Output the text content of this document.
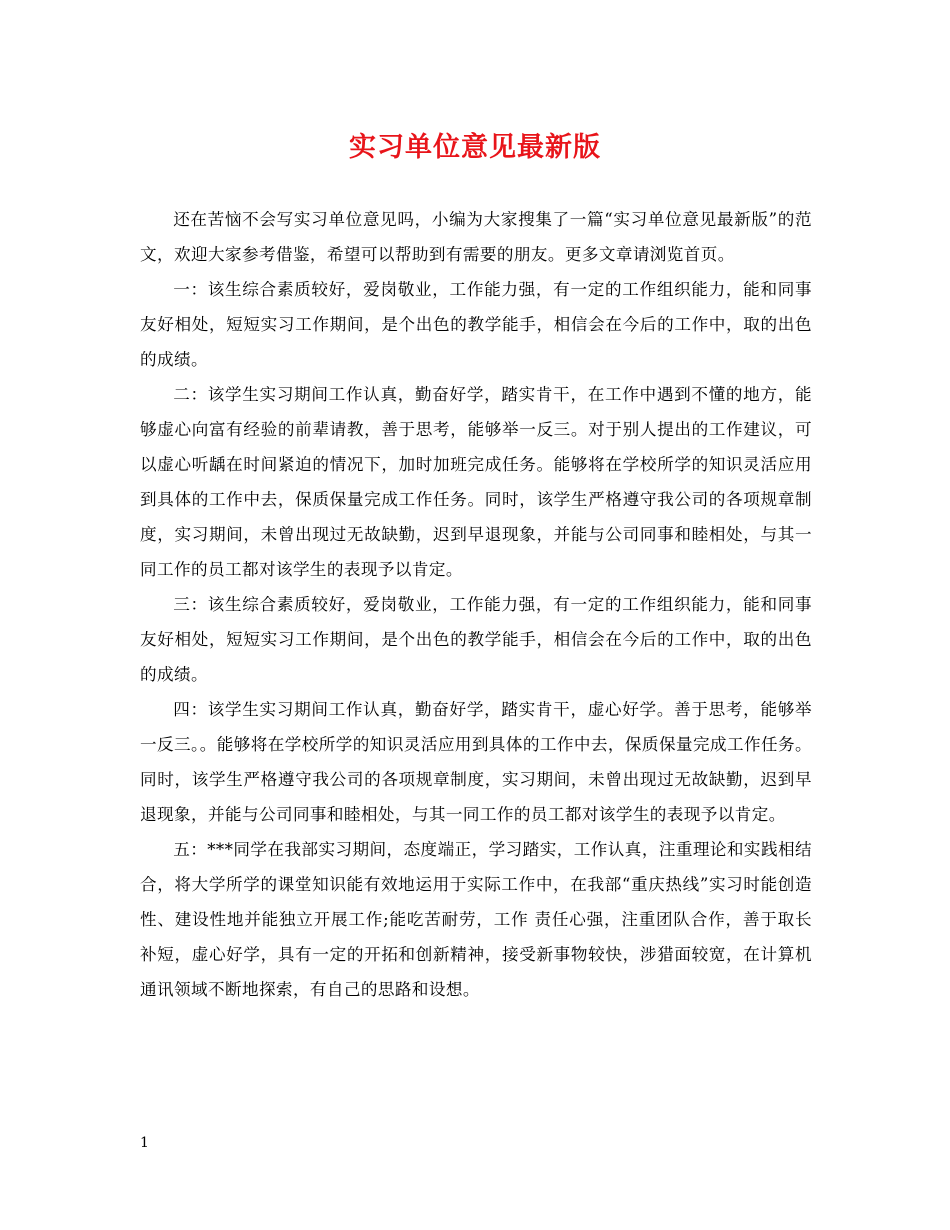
实习单位意见最新版

还在苦恼不会写实习单位意见吗，小编为大家搜集了一篇“实习单位意见最新版”的范文，欢迎大家参考借鉴，希望可以帮助到有需要的朋友。更多文章请浏览首页。

一：该生综合素质较好，爱岗敬业，工作能力强，有一定的工作组织能力，能和同事友好相处，短短实习工作期间，是个出色的教学能手，相信会在今后的工作中，取的出色的成绩。

二：该学生实习期间工作认真，勤奋好学，踏实肯干，在工作中遇到不懂的地方，能够虚心向富有经验的前辈请教，善于思考，能够举一反三。对于别人提出的工作建议，可以虚心听龋在时间紧迫的情况下，加时加班完成任务。能够将在学校所学的知识灵活应用到具体的工作中去，保质保量完成工作任务。同时，该学生严格遵守我公司的各项规章制度，实习期间，未曾出现过无故缺勤，迟到早退现象，并能与公司同事和睦相处，与其一同工作的员工都对该学生的表现予以肯定。

三：该生综合素质较好，爱岗敬业，工作能力强，有一定的工作组织能力，能和同事友好相处，短短实习工作期间，是个出色的教学能手，相信会在今后的工作中，取的出色的成绩。

四：该学生实习期间工作认真，勤奋好学，踏实肯干，虚心好学。善于思考，能够举一反三。。能够将在学校所学的知识灵活应用到具体的工作中去，保质保量完成工作任务。同时，该学生严格遵守我公司的各项规章制度，实习期间，未曾出现过无故缺勤，迟到早退现象，并能与公司同事和睦相处，与其一同工作的员工都对该学生的表现予以肯定。

五：***同学在我部实习期间，态度端正，学习踏实，工作认真，注重理论和实践相结合，将大学所学的课堂知识能有效地运用于实际工作中，在我部“重庆热线”实习时能创造性、建设性地并能独立开展工作;能吃苦耐劳，工作 责任心强，注重团队合作，善于取长补短，虚心好学，具有一定的开拓和创新精神，接受新事物较快，涉猎面较宽，在计算机通讯领域不断地探索，有自己的思路和设想。

1
